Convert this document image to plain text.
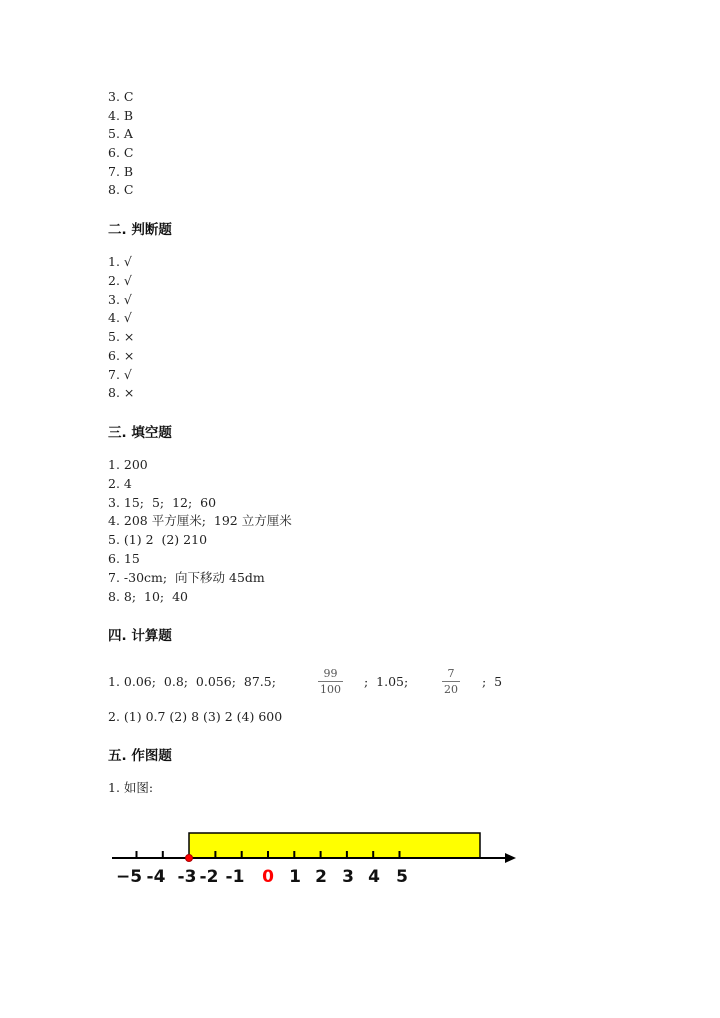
3. C
4. B
5. A
6. C
7. B
8. C
二. 判断题
1. √
2. √
3. √
4. √
5. ×
6. ×
7. √
8. ×
三. 填空题
1. 200
2. 4
3. 15;  5;  12;  60
4. 208 平方厘米;  192 立方厘米
5. (1) 2  (2) 210
6. 15
7. -30cm;  向下移动 45dm
8. 8;  10;  40
四. 计算题
1. 0.06;  0.8;  0.056;  87.5;
99
100
;  1.05;
7
20
;  5
2. (1) 0.7 (2) 8 (3) 2 (4) 600
五. 作图题
1. 如图:
−5 -4 -3 -2 -1 0 1 2 3 4 5
